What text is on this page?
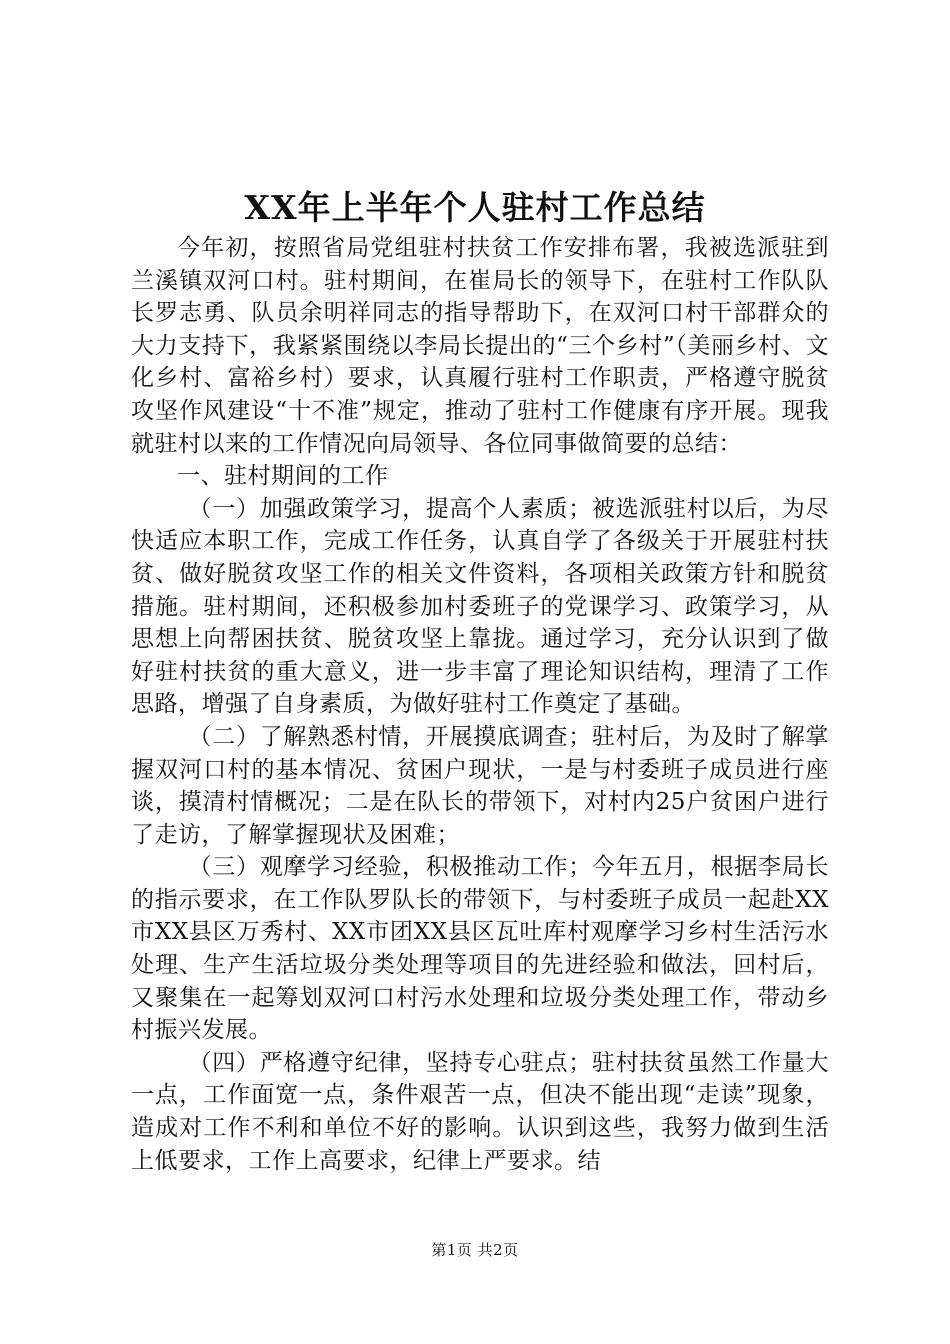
XX年上半年个人驻村工作总结

今年初，按照省局党组驻村扶贫工作安排布署，我被选派驻到兰溪镇双河口村。驻村期间，在崔局长的领导下，在驻村工作队队长罗志勇、队员余明祥同志的指导帮助下，在双河口村干部群众的大力支持下，我紧紧围绕以李局长提出的“三个乡村”（美丽乡村、文化乡村、富裕乡村）要求，认真履行驻村工作职责，严格遵守脱贫攻坚作风建设“十不准”规定，推动了驻村工作健康有序开展。现我就驻村以来的工作情况向局领导、各位同事做简要的总结：

一、驻村期间的工作

（一）加强政策学习，提高个人素质；被选派驻村以后，为尽快适应本职工作，完成工作任务，认真自学了各级关于开展驻村扶贫、做好脱贫攻坚工作的相关文件资料，各项相关政策方针和脱贫措施。驻村期间，还积极参加村委班子的党课学习、政策学习，从思想上向帮困扶贫、脱贫攻坚上靠拢。通过学习，充分认识到了做好驻村扶贫的重大意义，进一步丰富了理论知识结构，理清了工作思路，增强了自身素质，为做好驻村工作奠定了基础。

（二）了解熟悉村情，开展摸底调查；驻村后，为及时了解掌握双河口村的基本情况、贫困户现状，一是与村委班子成员进行座谈，摸清村情概况；二是在队长的带领下，对村内25户贫困户进行了走访，了解掌握现状及困难；

（三）观摩学习经验，积极推动工作；今年五月，根据李局长的指示要求，在工作队罗队长的带领下，与村委班子成员一起赴XX市XX县区万秀村、XX市团XX县区瓦吐库村观摩学习乡村生活污水处理、生产生活垃圾分类处理等项目的先进经验和做法，回村后，又聚集在一起筹划双河口村污水处理和垃圾分类处理工作，带动乡村振兴发展。

（四）严格遵守纪律，坚持专心驻点；驻村扶贫虽然工作量大一点，工作面宽一点，条件艰苦一点，但决不能出现“走读”现象，造成对工作不利和单位不好的影响。认识到这些，我努力做到生活上低要求，工作上高要求，纪律上严要求。结

第1页 共2页
